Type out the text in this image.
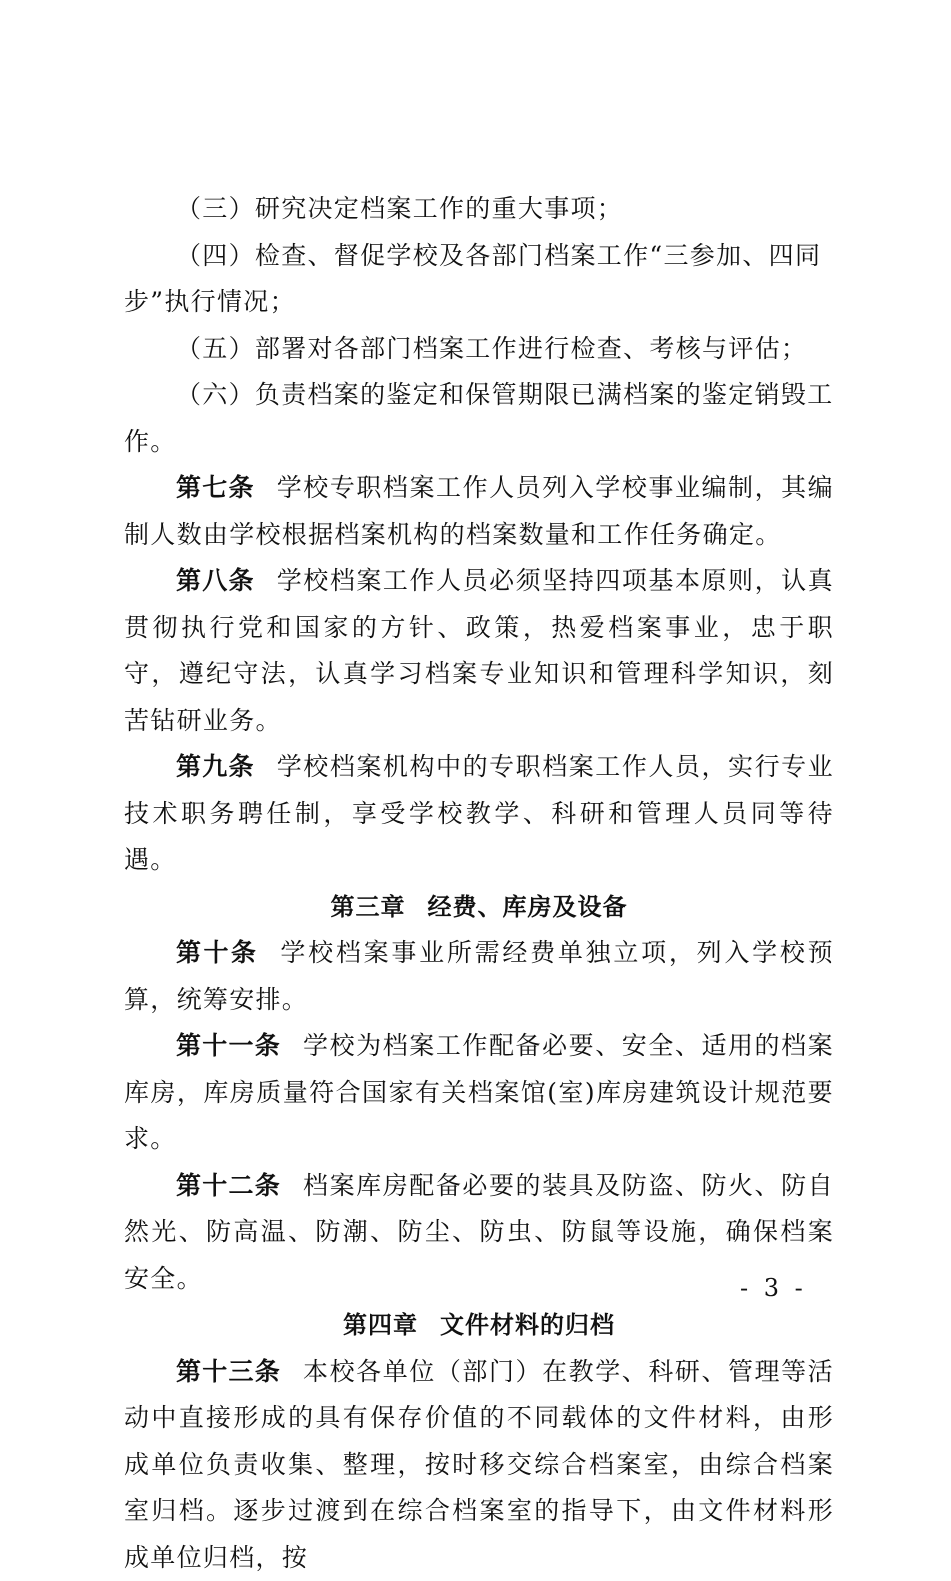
（三）研究决定档案工作的重大事项；

（四）检查、督促学校及各部门档案工作“三参加、四同步”执行情况；

（五）部署对各部门档案工作进行检查、考核与评估；

（六）负责档案的鉴定和保管期限已满档案的鉴定销毁工作。

第七条 学校专职档案工作人员列入学校事业编制，其编制人数由学校根据档案机构的档案数量和工作任务确定。

第八条 学校档案工作人员必须坚持四项基本原则，认真贯彻执行党和国家的方针、政策，热爱档案事业，忠于职守，遵纪守法，认真学习档案专业知识和管理科学知识，刻苦钻研业务。

第九条 学校档案机构中的专职档案工作人员，实行专业技术职务聘任制，享受学校教学、科研和管理人员同等待遇。

第三章 经费、库房及设备

第十条 学校档案事业所需经费单独立项，列入学校预算，统筹安排。

第十一条 学校为档案工作配备必要、安全、适用的档案库房，库房质量符合国家有关档案馆(室)库房建筑设计规范要求。

第十二条 档案库房配备必要的装具及防盗、防火、防自然光、防高温、防潮、防尘、防虫、防鼠等设施，确保档案安全。

第四章 文件材料的归档

第十三条 本校各单位（部门）在教学、科研、管理等活动中直接形成的具有保存价值的不同载体的文件材料，由形成单位负责收集、整理，按时移交综合档案室，由综合档案室归档。逐步过渡到在综合档案室的指导下，由文件材料形成单位归档，按

- 3 -
